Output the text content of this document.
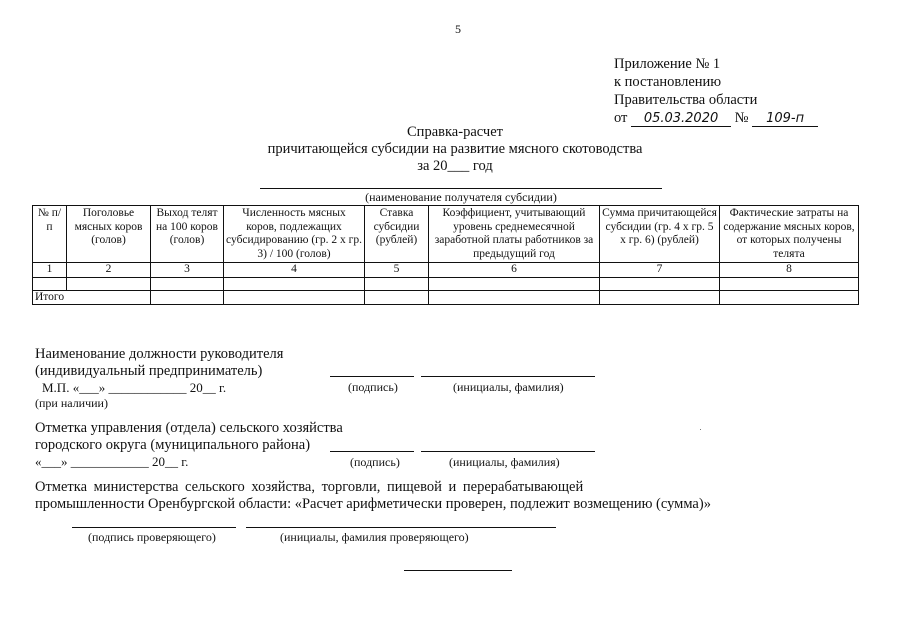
5
Приложение № 1
к постановлению
Правительства области
от 05.03.2020 № 109-п
Справка-расчет
причитающейся субсидии на развитие мясного скотоводства
за 20___ год
(наименование получателя субсидии)
№ п/п	Поголовье мясных коров (голов)	Выход телят на 100 коров (голов)	Численность мясных коров, подлежащих субсидированию (гр. 2 х гр. 3) / 100 (голов)	Ставка субсидии (рублей)	Коэффициент, учитывающий уровень среднемесячной заработной платы работников за предыдущий год	Сумма причитающейся субсидии (гр. 4 х гр. 5 х гр. 6) (рублей)	Фактические затраты на содержание мясных коров, от которых получены телята
1	2	3	4	5	6	7	8

Итого							
Наименование должности руководителя
(индивидуальный предприниматель)
М.П. «___» ____________ 20__ г.	(подпись)	(инициалы, фамилия)
(при наличии)
Отметка управления (отдела) сельского хозяйства
городского округа (муниципального района)
«___» ____________ 20__ г.	(подпись)	(инициалы, фамилия)
Отметка министерства сельского хозяйства, торговли, пищевой и перерабатывающей
промышленности Оренбургской области: «Расчет арифметически проверен, подлежит возмещению (сумма)»
(подпись проверяющего)	(инициалы, фамилия проверяющего)
